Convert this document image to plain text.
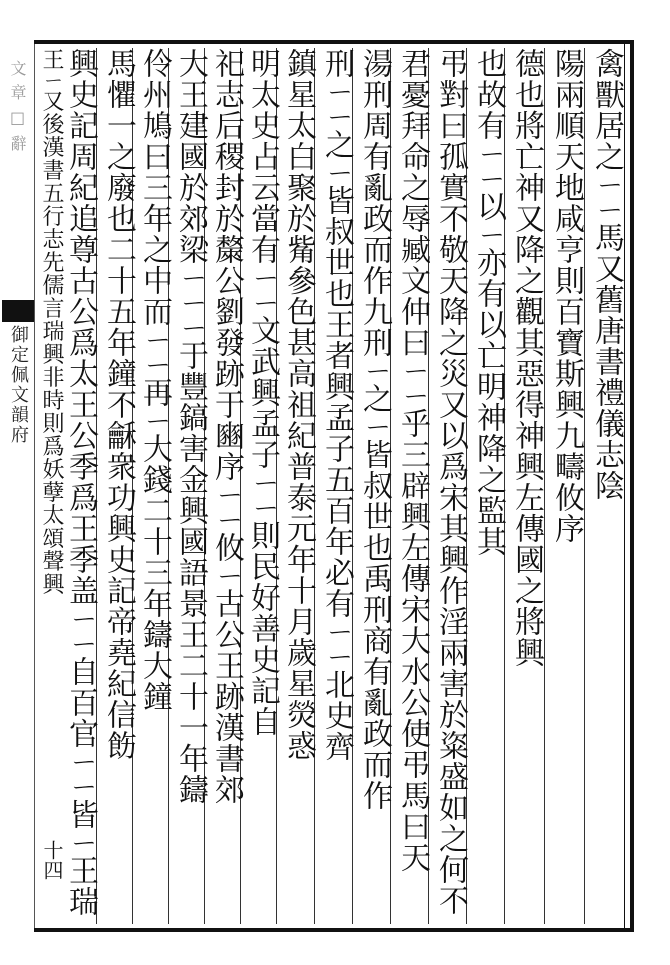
文章□辭
御定佩文韻府	禽獸居之ㄧㄧ馬又舊唐書禮儀志陰
陽兩順天地咸亨則百寶斯興九疇攸序
德也將亡神又降之觀其惡得神興左傳國之將興
也故有ㄧㄧ以ㄧ亦有以亡明神降之監其
弔對曰孤實不敬天降之災又以爲宋其興作淫兩害於粢盛如之何不
君憂拜命之辱臧文仲曰ㄧㄧ乎三辟興左傳宋大水公使弔馬曰天
湯刑周有亂政而作九刑ㄧ之ㄧ皆叔世也禹刑商有亂政而作
刑ㄧㄧ之ㄧ皆叔世也王者興孟子五百年必有ㄧㄧ北史齊
鎮星太白聚於觜參色甚高祖紀普泰元年十月歲星熒惑
明太史占云當有ㄧㄧ文武興孟子ㄧㄧ則民好善史記自
祀志后稷封於斄公劉發跡于豳序ㄧㄧ攸ㄧ古公王跡漢書郊
大王建國於郊梁ㄧㄧㄧ于豐鎬害金興國語景王二十一年鑄
伶州鳩曰三年之中而ㄧㄧ再ㄧ大錢二十三年鑄大鐘
馬懼一之廢也二十五年鐘不龢衆功興史記帝堯紀信飭
興史記周紀追尊古公爲太王公季爲王季盖ㄧㄧ自百官ㄧㄧ皆ㄧ王瑞
王ㄧ又後漢書五行志先儒言瑞興非時則爲妖孽太頌聲興
十四
